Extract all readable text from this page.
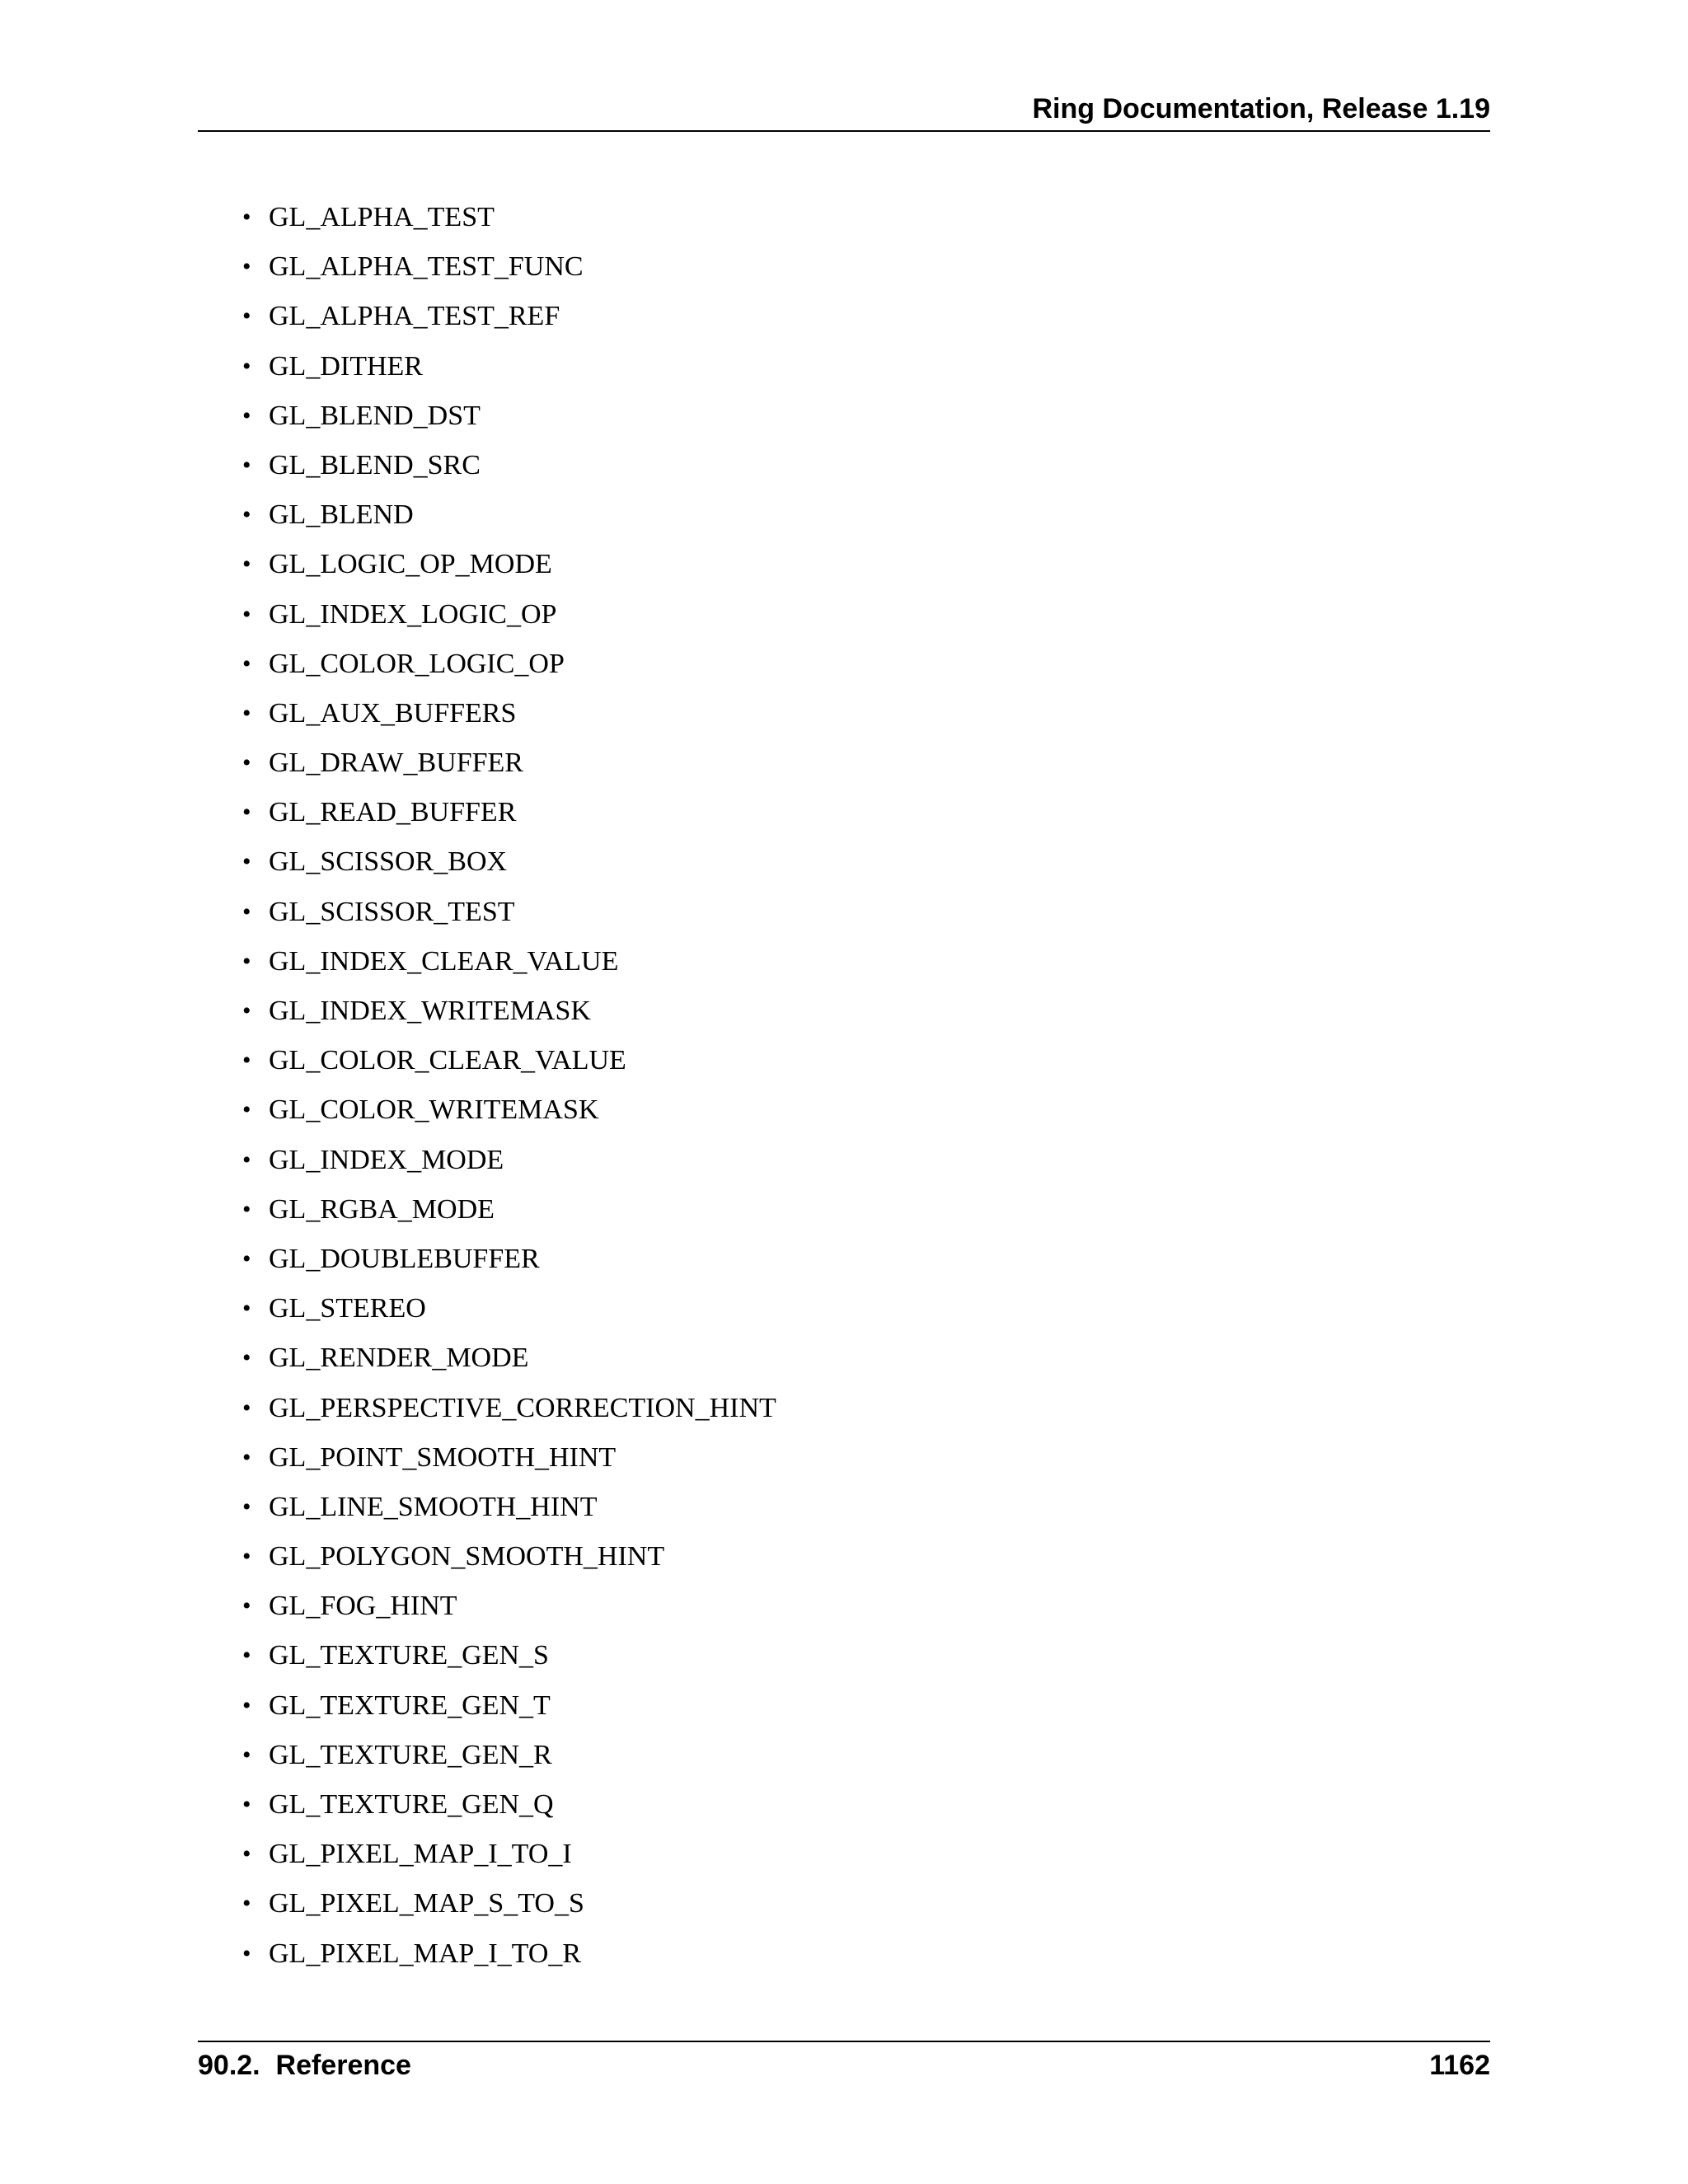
Ring Documentation, Release 1.19
• GL_ALPHA_TEST
• GL_ALPHA_TEST_FUNC
• GL_ALPHA_TEST_REF
• GL_DITHER
• GL_BLEND_DST
• GL_BLEND_SRC
• GL_BLEND
• GL_LOGIC_OP_MODE
• GL_INDEX_LOGIC_OP
• GL_COLOR_LOGIC_OP
• GL_AUX_BUFFERS
• GL_DRAW_BUFFER
• GL_READ_BUFFER
• GL_SCISSOR_BOX
• GL_SCISSOR_TEST
• GL_INDEX_CLEAR_VALUE
• GL_INDEX_WRITEMASK
• GL_COLOR_CLEAR_VALUE
• GL_COLOR_WRITEMASK
• GL_INDEX_MODE
• GL_RGBA_MODE
• GL_DOUBLEBUFFER
• GL_STEREO
• GL_RENDER_MODE
• GL_PERSPECTIVE_CORRECTION_HINT
• GL_POINT_SMOOTH_HINT
• GL_LINE_SMOOTH_HINT
• GL_POLYGON_SMOOTH_HINT
• GL_FOG_HINT
• GL_TEXTURE_GEN_S
• GL_TEXTURE_GEN_T
• GL_TEXTURE_GEN_R
• GL_TEXTURE_GEN_Q
• GL_PIXEL_MAP_I_TO_I
• GL_PIXEL_MAP_S_TO_S
• GL_PIXEL_MAP_I_TO_R
90.2.  Reference	1162
